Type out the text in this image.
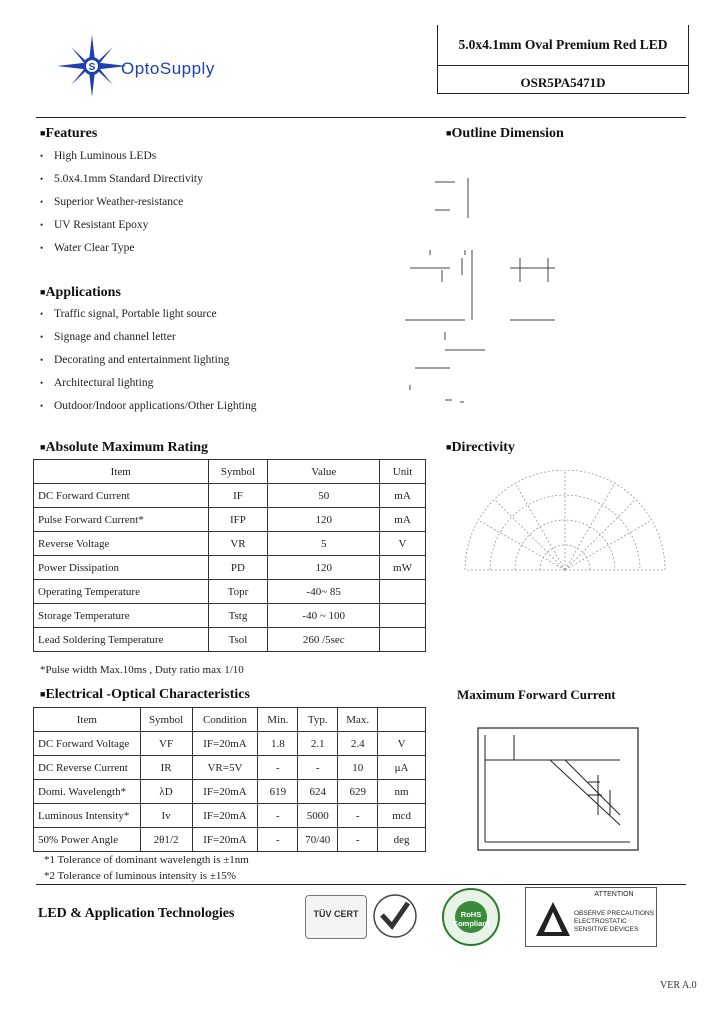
S OptoSupply
5.0x4.1mm Oval Premium Red LED
OSR5PA5471D
■Features
• High Luminous LEDs
• 5.0x4.1mm Standard Directivity
• Superior Weather-resistance
• UV Resistant Epoxy
• Water Clear Type
■Applications
• Traffic signal, Portable light source
• Signage and channel letter
• Decorating and entertainment lighting
• Architectural lighting
• Outdoor/Indoor applications/Other Lighting
■Outline Dimension
■Absolute Maximum Rating
Item	Symbol	Value	Unit
DC Forward Current	IF	50	mA
Pulse Forward Current*	IFP	120	mA
Reverse Voltage	VR	5	V
Power Dissipation	PD	120	mW
Operating Temperature	Topr	-40~ 85	
Storage Temperature	Tstg	-40 ~ 100	
Lead Soldering Temperature	Tsol	260 /5sec	
*Pulse width Max.10ms , Duty ratio max 1/10
■Directivity
■Electrical -Optical Characteristics
Item	Symbol	Condition	Min.	Typ.	Max.	
DC Forward Voltage	VF	IF=20mA	1.8	2.1	2.4	V
DC Reverse Current	IR	VR=5V	-	-	10	μA
Domi. Wavelength*	λD	IF=20mA	619	624	629	nm
Luminous Intensity*	Iv	IF=20mA	-	5000	-	mcd
50% Power Angle	2θ1/2	IF=20mA	-	70/40	-	deg
*1 Tolerance of dominant wavelength is ±1nm
*2 Tolerance of luminous intensity is ±15%
Maximum Forward Current
LED & Application Technologies	TÜV CERT	RoHS Compliant
ATTENTION
OBSERVE PRECAUTIONS
ELECTROSTATIC
SENSITIVE DEVICES
VER A.0
